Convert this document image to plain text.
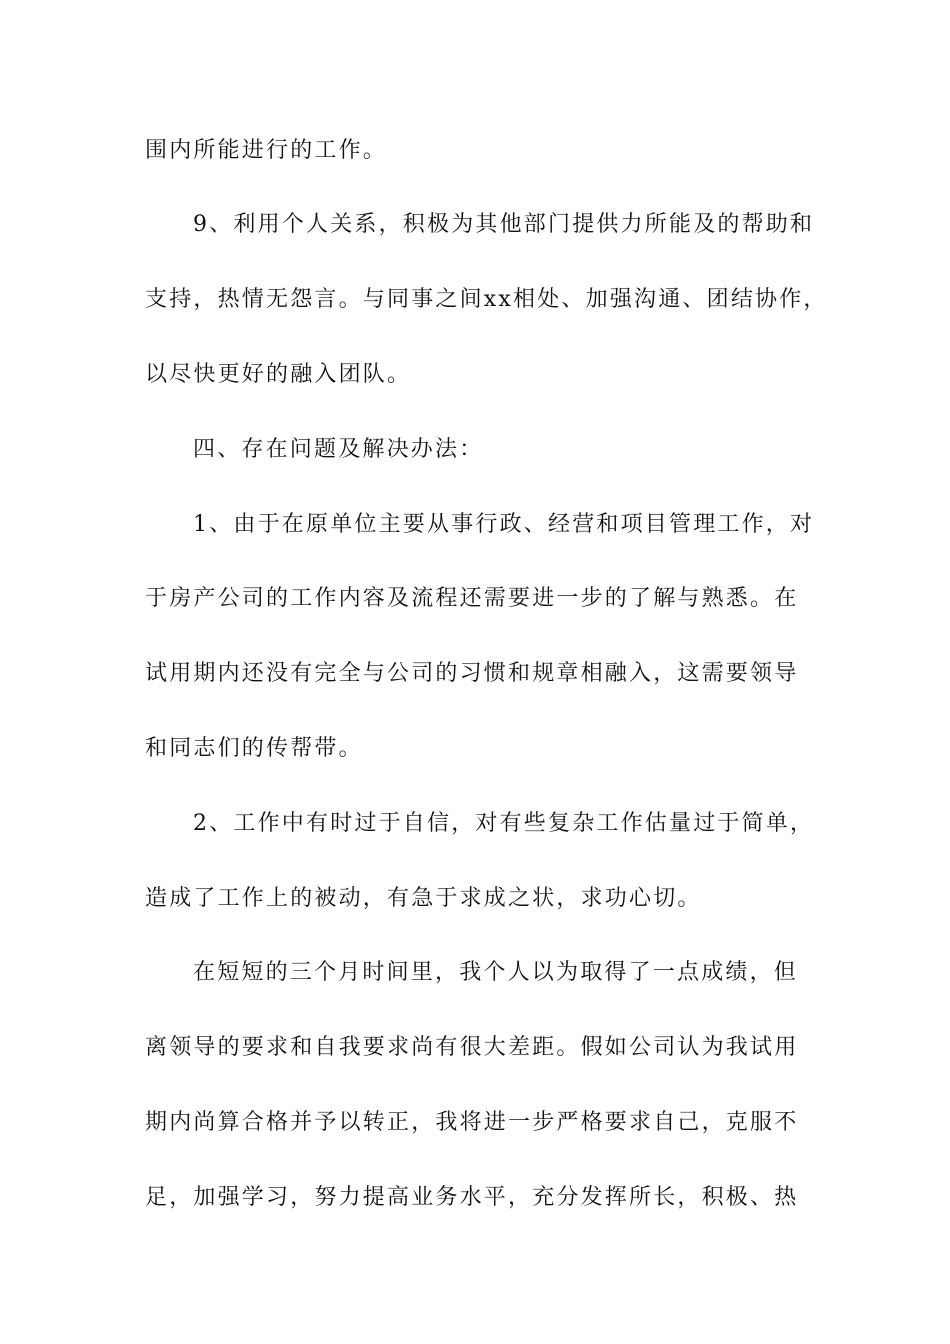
围内所能进行的工作。
9、利用个人关系，积极为其他部门提供力所能及的帮助和
支持，热情无怨言。与同事之间xx相处、加强沟通、团结协作，
以尽快更好的融入团队。
四、存在问题及解决办法：
1、由于在原单位主要从事行政、经营和项目管理工作，对
于房产公司的工作内容及流程还需要进一步的了解与熟悉。在
试用期内还没有完全与公司的习惯和规章相融入，这需要领导
和同志们的传帮带。
2、工作中有时过于自信，对有些复杂工作估量过于简单，
造成了工作上的被动，有急于求成之状，求功心切。
在短短的三个月时间里，我个人以为取得了一点成绩，但
离领导的要求和自我要求尚有很大差距。假如公司认为我试用
期内尚算合格并予以转正，我将进一步严格要求自己，克服不
足，加强学习，努力提高业务水平，充分发挥所长，积极、热
